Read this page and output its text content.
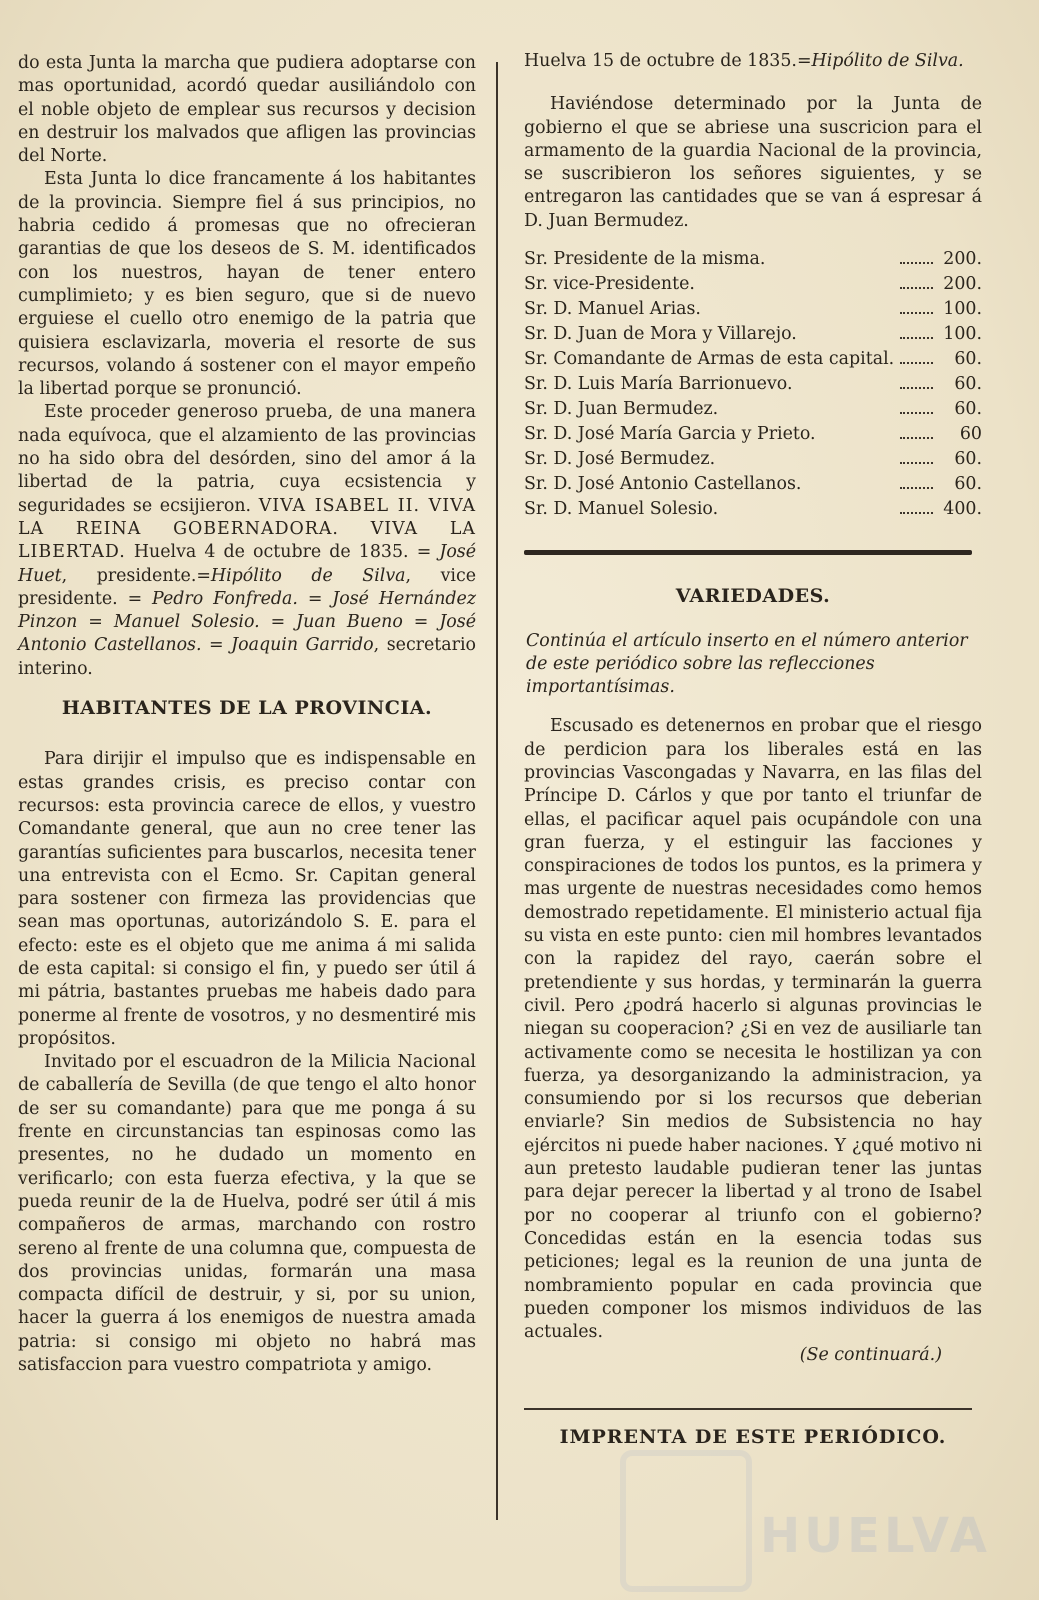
do esta Junta la marcha que pudiera adoptarse con mas oportunidad, acordó quedar ausiliándolo con el noble objeto de emplear sus recursos y decision en destruir los malvados que afligen las provincias del Norte.

Esta Junta lo dice francamente á los habitantes de la provincia. Siempre fiel á sus principios, no habria cedido á promesas que no ofrecieran garantias de que los deseos de S. M. identificados con los nuestros, hayan de tener entero cumplimieto; y es bien seguro, que si de nuevo erguiese el cuello otro enemigo de la patria que quisiera esclavizarla, moveria el resorte de sus recursos, volando á sostener con el mayor empeño la libertad porque se pronunció.

Este proceder generoso prueba, de una manera nada equívoca, que el alzamiento de las provincias no ha sido obra del desórden, sino del amor á la libertad de la patria, cuya ecsistencia y seguridades se ecsijieron. VIVA ISABEL II. VIVA LA REINA GOBERNADORA. VIVA LA LIBERTAD. Huelva 4 de octubre de 1835. = José Huet, presidente.=Hipólito de Silva, vice presidente. = Pedro Fonfreda. = José Hernández Pinzon = Manuel Solesio. = Juan Bueno = José Antonio Castellanos. = Joaquin Garrido, secretario interino.

HABITANTES DE LA PROVINCIA.

Para dirijir el impulso que es indispensable en estas grandes crisis, es preciso contar con recursos: esta provincia carece de ellos, y vuestro Comandante general, que aun no cree tener las garantías suficientes para buscarlos, necesita tener una entrevista con el Ecmo. Sr. Capitan general para sostener con firmeza las providencias que sean mas oportunas, autorizándolo S. E. para el efecto: este es el objeto que me anima á mi salida de esta capital: si consigo el fin, y puedo ser útil á mi pátria, bastantes pruebas me habeis dado para ponerme al frente de vosotros, y no desmentiré mis propósitos.

Invitado por el escuadron de la Milicia Nacional de caballería de Sevilla (de que tengo el alto honor de ser su comandante) para que me ponga á su frente en circunstancias tan espinosas como las presentes, no he dudado un momento en verificarlo; con esta fuerza efectiva, y la que se pueda reunir de la de Huelva, podré ser útil á mis compañeros de armas, marchando con rostro sereno al frente de una columna que, compuesta de dos provincias unidas, formarán una masa compacta difícil de destruir, y si, por su union, hacer la guerra á los enemigos de nuestra amada patria: si consigo mi objeto no habrá mas satisfaccion para vuestro compatriota y amigo.

Huelva 15 de octubre de 1835.=Hipólito de Silva.

Haviéndose determinado por la Junta de gobierno el que se abriese una suscricion para el armamento de la guardia Nacional de la provincia, se suscribieron los señores siguientes, y se entregaron las cantidades que se van á espresar á D. Juan Bermudez.

Sr. Presidente de la misma.		200.
Sr. vice-Presidente.		200.
Sr. D. Manuel Arias.		100.
Sr. D. Juan de Mora y Villarejo.		100.
Sr. Comandante de Armas de esta capital.		60.
Sr. D. Luis María Barrionuevo.		60.
Sr. D. Juan Bermudez.		60.
Sr. D. José María Garcia y Prieto.		60
Sr. D. José Bermudez.		60.
Sr. D. José Antonio Castellanos.		60.
Sr. D. Manuel Solesio.		400.
VARIEDADES.

Continúa el artículo inserto en el número anterior de este periódico sobre las reflecciones importantísimas.

Escusado es detenernos en probar que el riesgo de perdicion para los liberales está en las provincias Vascongadas y Navarra, en las filas del Príncipe D. Cárlos y que por tanto el triunfar de ellas, el pacificar aquel pais ocupándole con una gran fuerza, y el estinguir las facciones y conspiraciones de todos los puntos, es la primera y mas urgente de nuestras necesidades como hemos demostrado repetidamente. El ministerio actual fija su vista en este punto: cien mil hombres levantados con la rapidez del rayo, caerán sobre el pretendiente y sus hordas, y terminarán la guerra civil. Pero ¿podrá hacerlo si algunas provincias le niegan su cooperacion? ¿Si en vez de ausiliarle tan activamente como se necesita le hostilizan ya con fuerza, ya desorganizando la administracion, ya consumiendo por si los recursos que deberian enviarle? Sin medios de Subsistencia no hay ejércitos ni puede haber naciones. Y ¿qué motivo ni aun pretesto laudable pudieran tener las juntas para dejar perecer la libertad y al trono de Isabel por no cooperar al triunfo con el gobierno? Concedidas están en la esencia todas sus peticiones; legal es la reunion de una junta de nombramiento popular en cada provincia que pueden componer los mismos individuos de las actuales.

(Se continuará.)

IMPRENTA DE ESTE PERIÓDICO.
HUELVA
